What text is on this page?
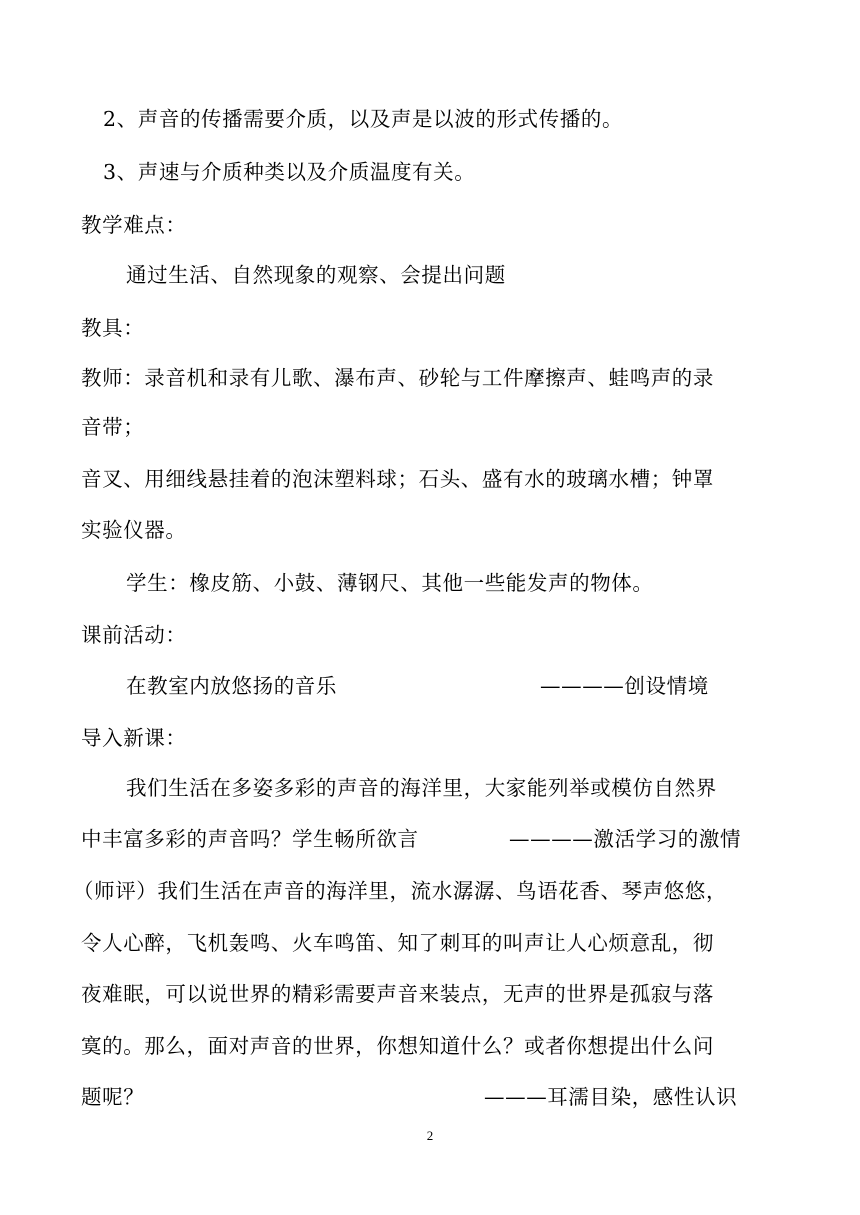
2、声音的传播需要介质，以及声是以波的形式传播的。
3、声速与介质种类以及介质温度有关。
教学难点：
通过生活、自然现象的观察、会提出问题
教具：
教师：录音机和录有儿歌、瀑布声、砂轮与工件摩擦声、蛙鸣声的录
音带；
音叉、用细线悬挂着的泡沫塑料球；石头、盛有水的玻璃水槽；钟罩
实验仪器。
学生：橡皮筋、小鼓、薄钢尺、其他一些能发声的物体。
课前活动：
在教室内放悠扬的音乐	————创设情境
导入新课：
我们生活在多姿多彩的声音的海洋里，大家能列举或模仿自然界
中丰富多彩的声音吗？学生畅所欲言	————激活学习的激情
（师评）我们生活在声音的海洋里，流水潺潺、鸟语花香、琴声悠悠，
令人心醉，飞机轰鸣、火车鸣笛、知了刺耳的叫声让人心烦意乱，彻
夜难眠，可以说世界的精彩需要声音来装点，无声的世界是孤寂与落
寞的。那么，面对声音的世界，你想知道什么？或者你想提出什么问
题呢？	———耳濡目染，感性认识
2
